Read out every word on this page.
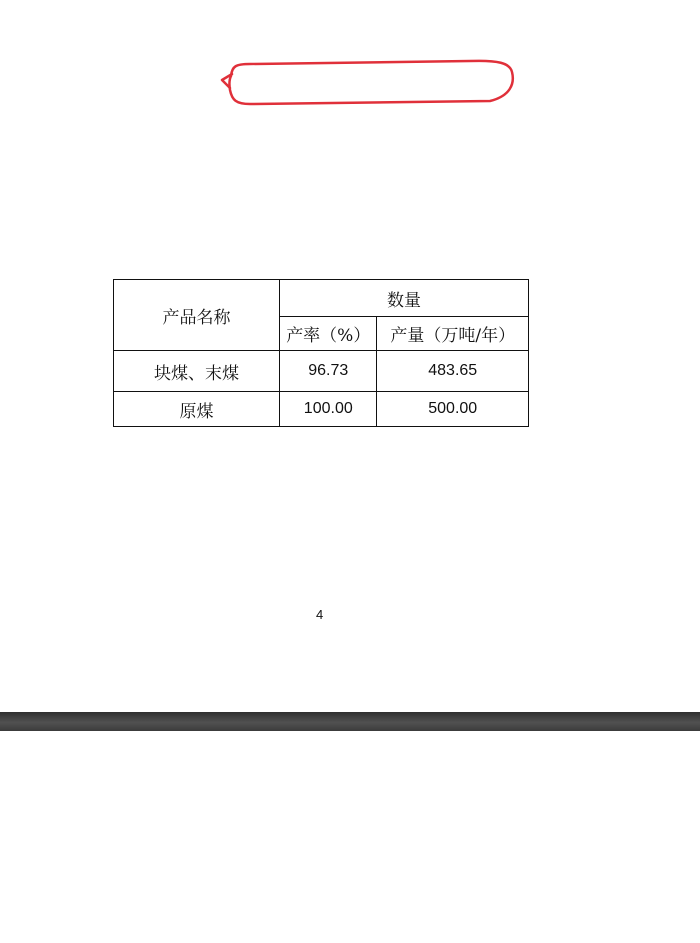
产品名称	数量	
	产率（%）	产量（万吨/年）
块煤、末煤	96.73	483.65
原煤	100.00	500.00
4
